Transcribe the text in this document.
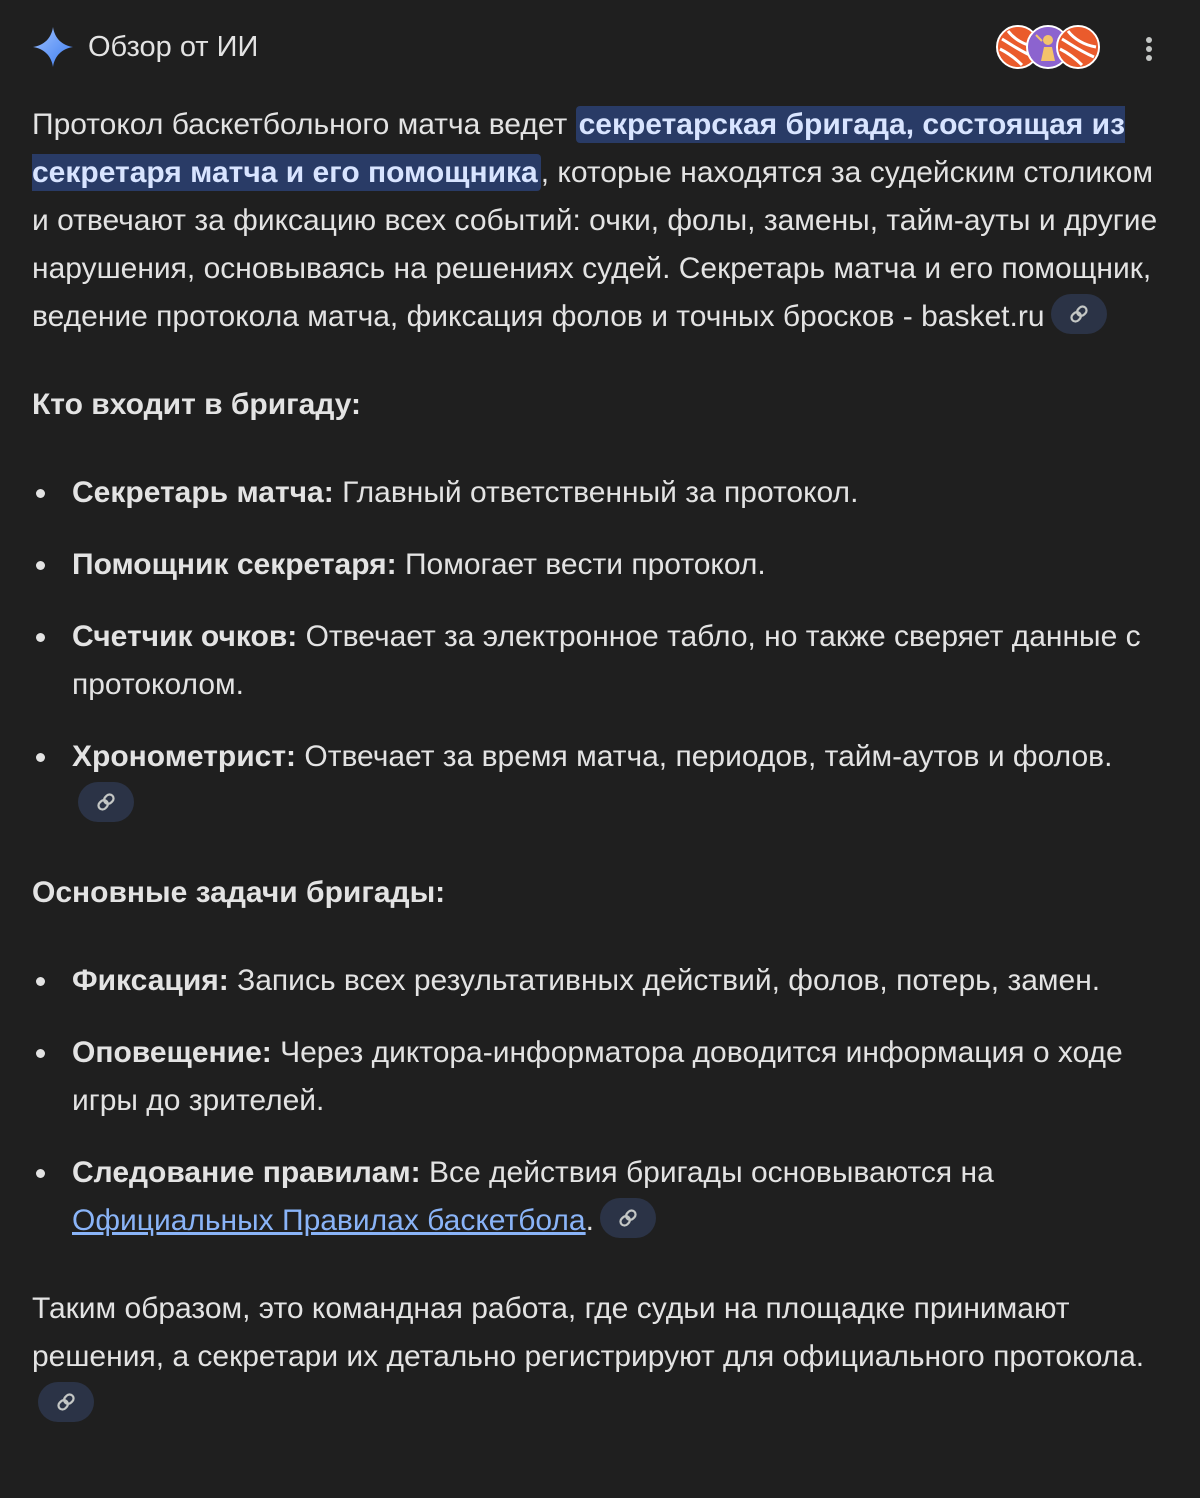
Обзор от ИИ

Протокол баскетбольного матча ведет секретарская бригада, состоящая из секретаря матча и его помощника , которые находятся за судейским столиком и отвечают за фиксацию всех событий: очки, фолы, замены, тайм-ауты и другие нарушения, основываясь на решениях судей. Секретарь матча и его помощник, ведение протокола матча, фиксация фолов и точных бросков - basket.ru

Кто входит в бригаду:

Секретарь матча: Главный ответственный за протокол.
Помощник секретаря: Помогает вести протокол.
Счетчик очков: Отвечает за электронное табло, но также сверяет данные с протоколом.
Хронометрист: Отвечает за время матча, периодов, тайм-аутов и фолов.

Основные задачи бригады:

Фиксация: Запись всех результативных действий, фолов, потерь, замен.
Оповещение: Через диктора-информатора доводится информация о ходе игры до зрителей.
Следование правилам: Все действия бригады основываются на Официальных Правилах баскетбола.

Таким образом, это командная работа, где судьи на площадке принимают решения, а секретари их детально регистрируют для официального протокола.
